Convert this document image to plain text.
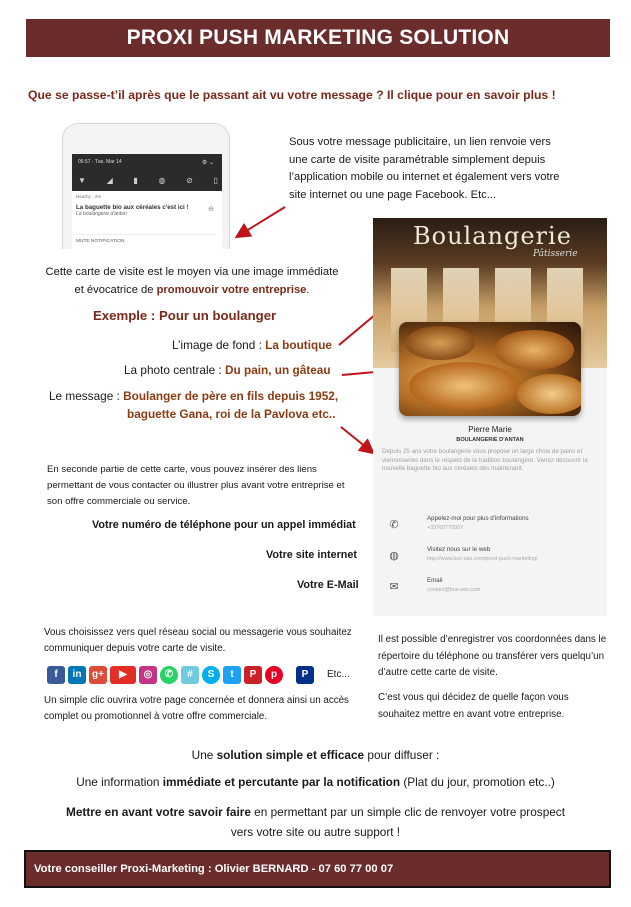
PROXI PUSH MARKETING SOLUTION
Que se passe-t’il après que le passant ait vu votre message ? Il clique pour en savoir plus !
06:57 · Tue, Mar 14	⚙ ⌄
▼	◢	▮	◍	⊘	▯
Nearby · 2m
La baguette bio aux céréales c'est ici !
La boulangerie d'antan
⊖
MUTE NOTIFICATION
Sous votre message publicitaire, un lien renvoie vers une carte de visite paramétrable simplement depuis l’application mobile ou internet et également vers votre site internet ou une page Facebook. Etc...
Cette carte de visite est le moyen via une image immédiate
et évocatrice de promouvoir votre entreprise.
Exemple : Pour un boulanger
L’image de fond : La boutique
La photo centrale : Du pain, un gâteau
Le message : Boulanger de père en fils depuis 1952,
baguette Gana, roi de la Pavlova etc..
En seconde partie de cette carte, vous pouvez insérer des liens permettant de vous contacter ou illustrer plus avant votre entreprise et son offre commerciale ou service.
Votre numéro de téléphone pour un appel immédiat
Votre site internet
Votre E-Mail
Boulangerie
Pâtisserie
Pierre Marie
BOULANGERIE D'ANTAN
Depuis 25 ans votre boulangerie vous propose un large choix de pains et viennoiseries dans le respect de la tradition boulangère. Venez découvrir la nouvelle baguette bio aux céréales dès maintenant.
✆
Appelez-moi pour plus d'informations
+33760770007
◍
Visitez nous sur le web
http://www.bce-sas.com/proxi-push-marketing/
✉
Email
contact@bce-sas.com
Vous choisissez vers quel réseau social ou messagerie vous souhaitez communiquer depuis votre carte de visite.
f	in	g+	▶	◎	✆	#	S	t	P	p	P	Etc...
Un simple clic ouvrira votre page concernée et donnera ainsi un accès complet ou promotionnel à votre offre commerciale.
Il est possible d’enregistrer vos coordonnées dans le répertoire du téléphone ou transférer vers quelqu’un d’autre cette carte de visite.
C’est vous qui décidez de quelle façon vous souhaitez mettre en avant votre entreprise.
Une solution simple et efficace pour diffuser :
Une information immédiate et percutante par la notification (Plat du jour, promotion etc..)
Mettre en avant votre savoir faire en permettant par un simple clic de renvoyer votre prospect
vers votre site ou autre support !
Votre conseiller Proxi-Marketing : Olivier BERNARD - 07 60 77 00 07
